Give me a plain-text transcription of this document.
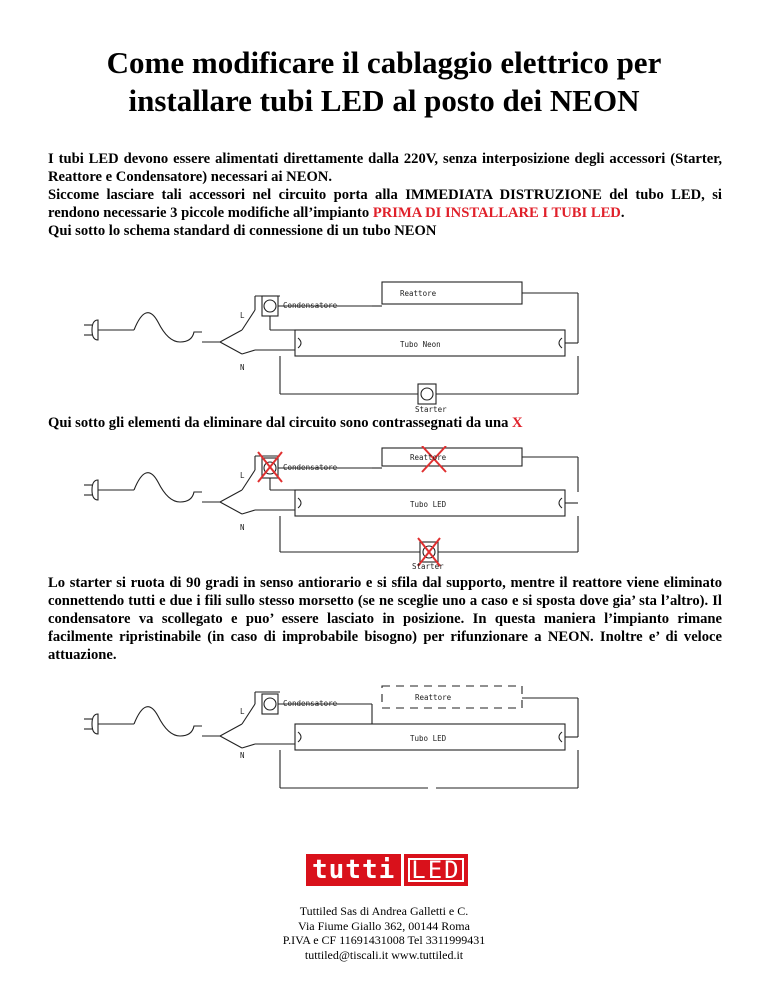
Come modificare il cablaggio elettrico per
installare tubi LED al posto dei NEON
I tubi LED devono essere alimentati direttamente dalla 220V, senza interposizione degli accessori (Starter, Reattore e Condensatore) necessari ai NEON.
Siccome lasciare tali accessori nel circuito porta alla IMMEDIATA DISTRUZIONE del tubo LED, si rendono necessarie 3 piccole modifiche all’impianto PRIMA DI INSTALLARE I TUBI LED.
Qui sotto lo schema standard di connessione di un tubo NEON
Reattore
Condensatore
Tubo Neon
Starter
L
N
Qui sotto gli elementi da eliminare dal circuito sono contrassegnati da una X
Reattore
Condensatore
Tubo LED
Starter
L
N
Lo starter si ruota di 90 gradi in senso antiorario e si sfila dal supporto, mentre il reattore viene eliminato connettendo tutti e due i fili sullo stesso morsetto (se ne sceglie uno a caso e si sposta dove gia’ sta l’altro). Il condensatore va scollegato e puo’ essere lasciato in posizione. In questa maniera l’impianto rimane facilmente ripristinabile (in caso di improbabile bisogno) per rifunzionare a NEON. Inoltre e’ di veloce attuazione.
Reattore
Condensatore
Tubo LED
L
N
tutti LED
Tuttiled Sas di Andrea Galletti e C.
Via Fiume Giallo 362, 00144 Roma
P.IVA e CF 11691431008 Tel 3311999431
tuttiled@tiscali.it www.tuttiled.it
